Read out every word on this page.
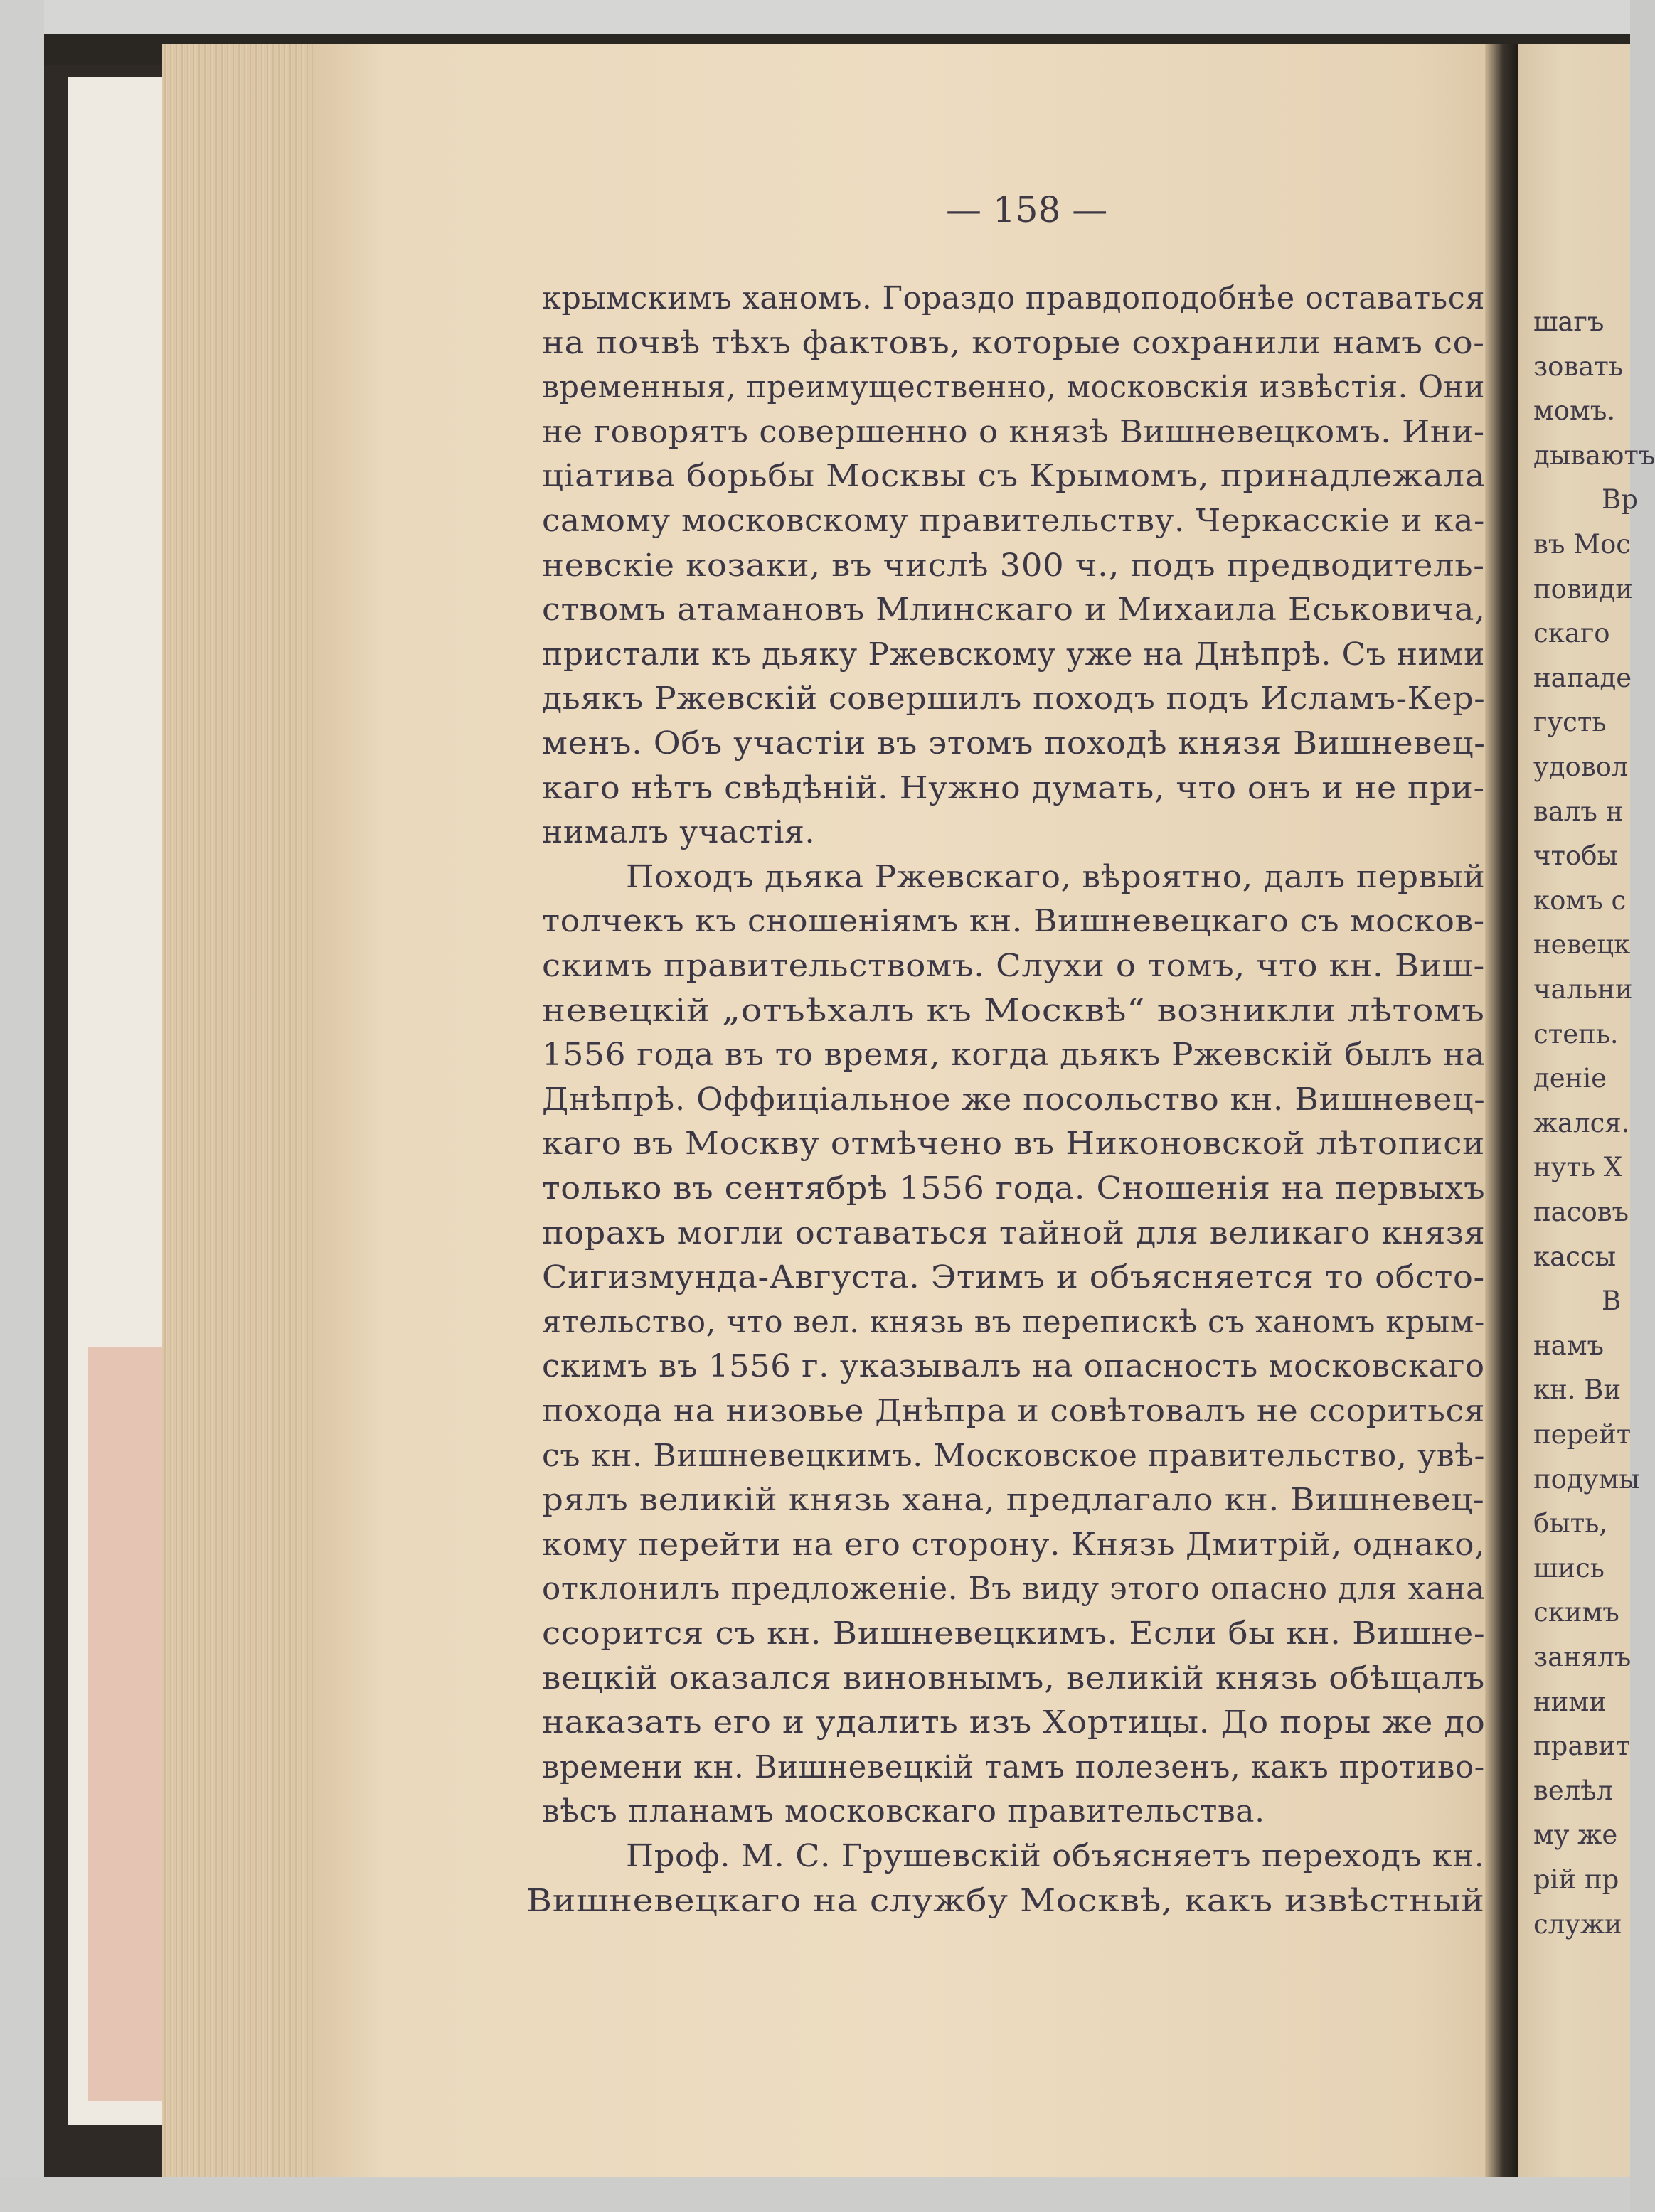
шагъ
зовать
момъ.
дываютъ
Вр
въ Мос
повиди
скаго
нападе
густь
удовол
валъ н
чтобы
комъ с
невецк
чальни
степь.
деніе
жался.
нуть Х
пасовъ
кассы
В
намъ
кн. Ви
перейт
подумы
быть,
шись
скимъ
занялъ
ними
правит
велѣл
му же
рій пр
служи
— 158 —
крымскимъ ханомъ. Гораздо правдоподобнѣе оставаться
на почвѣ тѣхъ фактовъ, которые сохранили намъ со-
временныя, преимущественно, московскія извѣстія. Они
не говорятъ совершенно о князѣ Вишневецкомъ. Ини-
ціатива борьбы Москвы съ Крымомъ, принадлежала
самому московскому правительству. Черкасскіе и ка-
невскіе козаки, въ числѣ 300 ч., подъ предводитель-
ствомъ атамановъ Млинскаго и Михаила Еськовича,
пристали къ дьяку Ржевскому уже на Днѣпрѣ. Съ ними
дьякъ Ржевскій совершилъ походъ подъ Исламъ-Кер-
менъ. Объ участіи въ этомъ походѣ князя Вишневец-
каго нѣтъ свѣдѣній. Нужно думать, что онъ и не при-
нималъ участія.
Походъ дьяка Ржевскаго, вѣроятно, далъ первый
толчекъ къ сношеніямъ кн. Вишневецкаго съ москов-
скимъ правительствомъ. Слухи о томъ, что кн. Виш-
невецкій „отъѣхалъ къ Москвѣ“ возникли лѣтомъ
1556 года въ то время, когда дьякъ Ржевскій былъ на
Днѣпрѣ. Оффиціальное же посольство кн. Вишневец-
каго въ Москву отмѣчено въ Никоновской лѣтописи
только въ сентябрѣ 1556 года. Сношенія на первыхъ
порахъ могли оставаться тайной для великаго князя
Сигизмунда-Августа. Этимъ и объясняется то обсто-
ятельство, что вел. князь въ перепискѣ съ ханомъ крым-
скимъ въ 1556 г. указывалъ на опасность московскаго
похода на низовье Днѣпра и совѣтовалъ не ссориться
съ кн. Вишневецкимъ. Московское правительство, увѣ-
рялъ великій князь хана, предлагало кн. Вишневец-
кому перейти на его сторону. Князь Дмитрій, однако,
отклонилъ предложеніе. Въ виду этого опасно для хана
ссорится съ кн. Вишневецкимъ. Если бы кн. Вишне-
вецкій оказался виновнымъ, великій князь обѣщалъ
наказать его и удалить изъ Хортицы. До поры же до
времени кн. Вишневецкій тамъ полезенъ, какъ противо-
вѣсъ планамъ московскаго правительства.
Проф. М. С. Грушевскій объясняетъ переходъ кн.
Вишневецкаго на службу Москвѣ, какъ извѣстный
